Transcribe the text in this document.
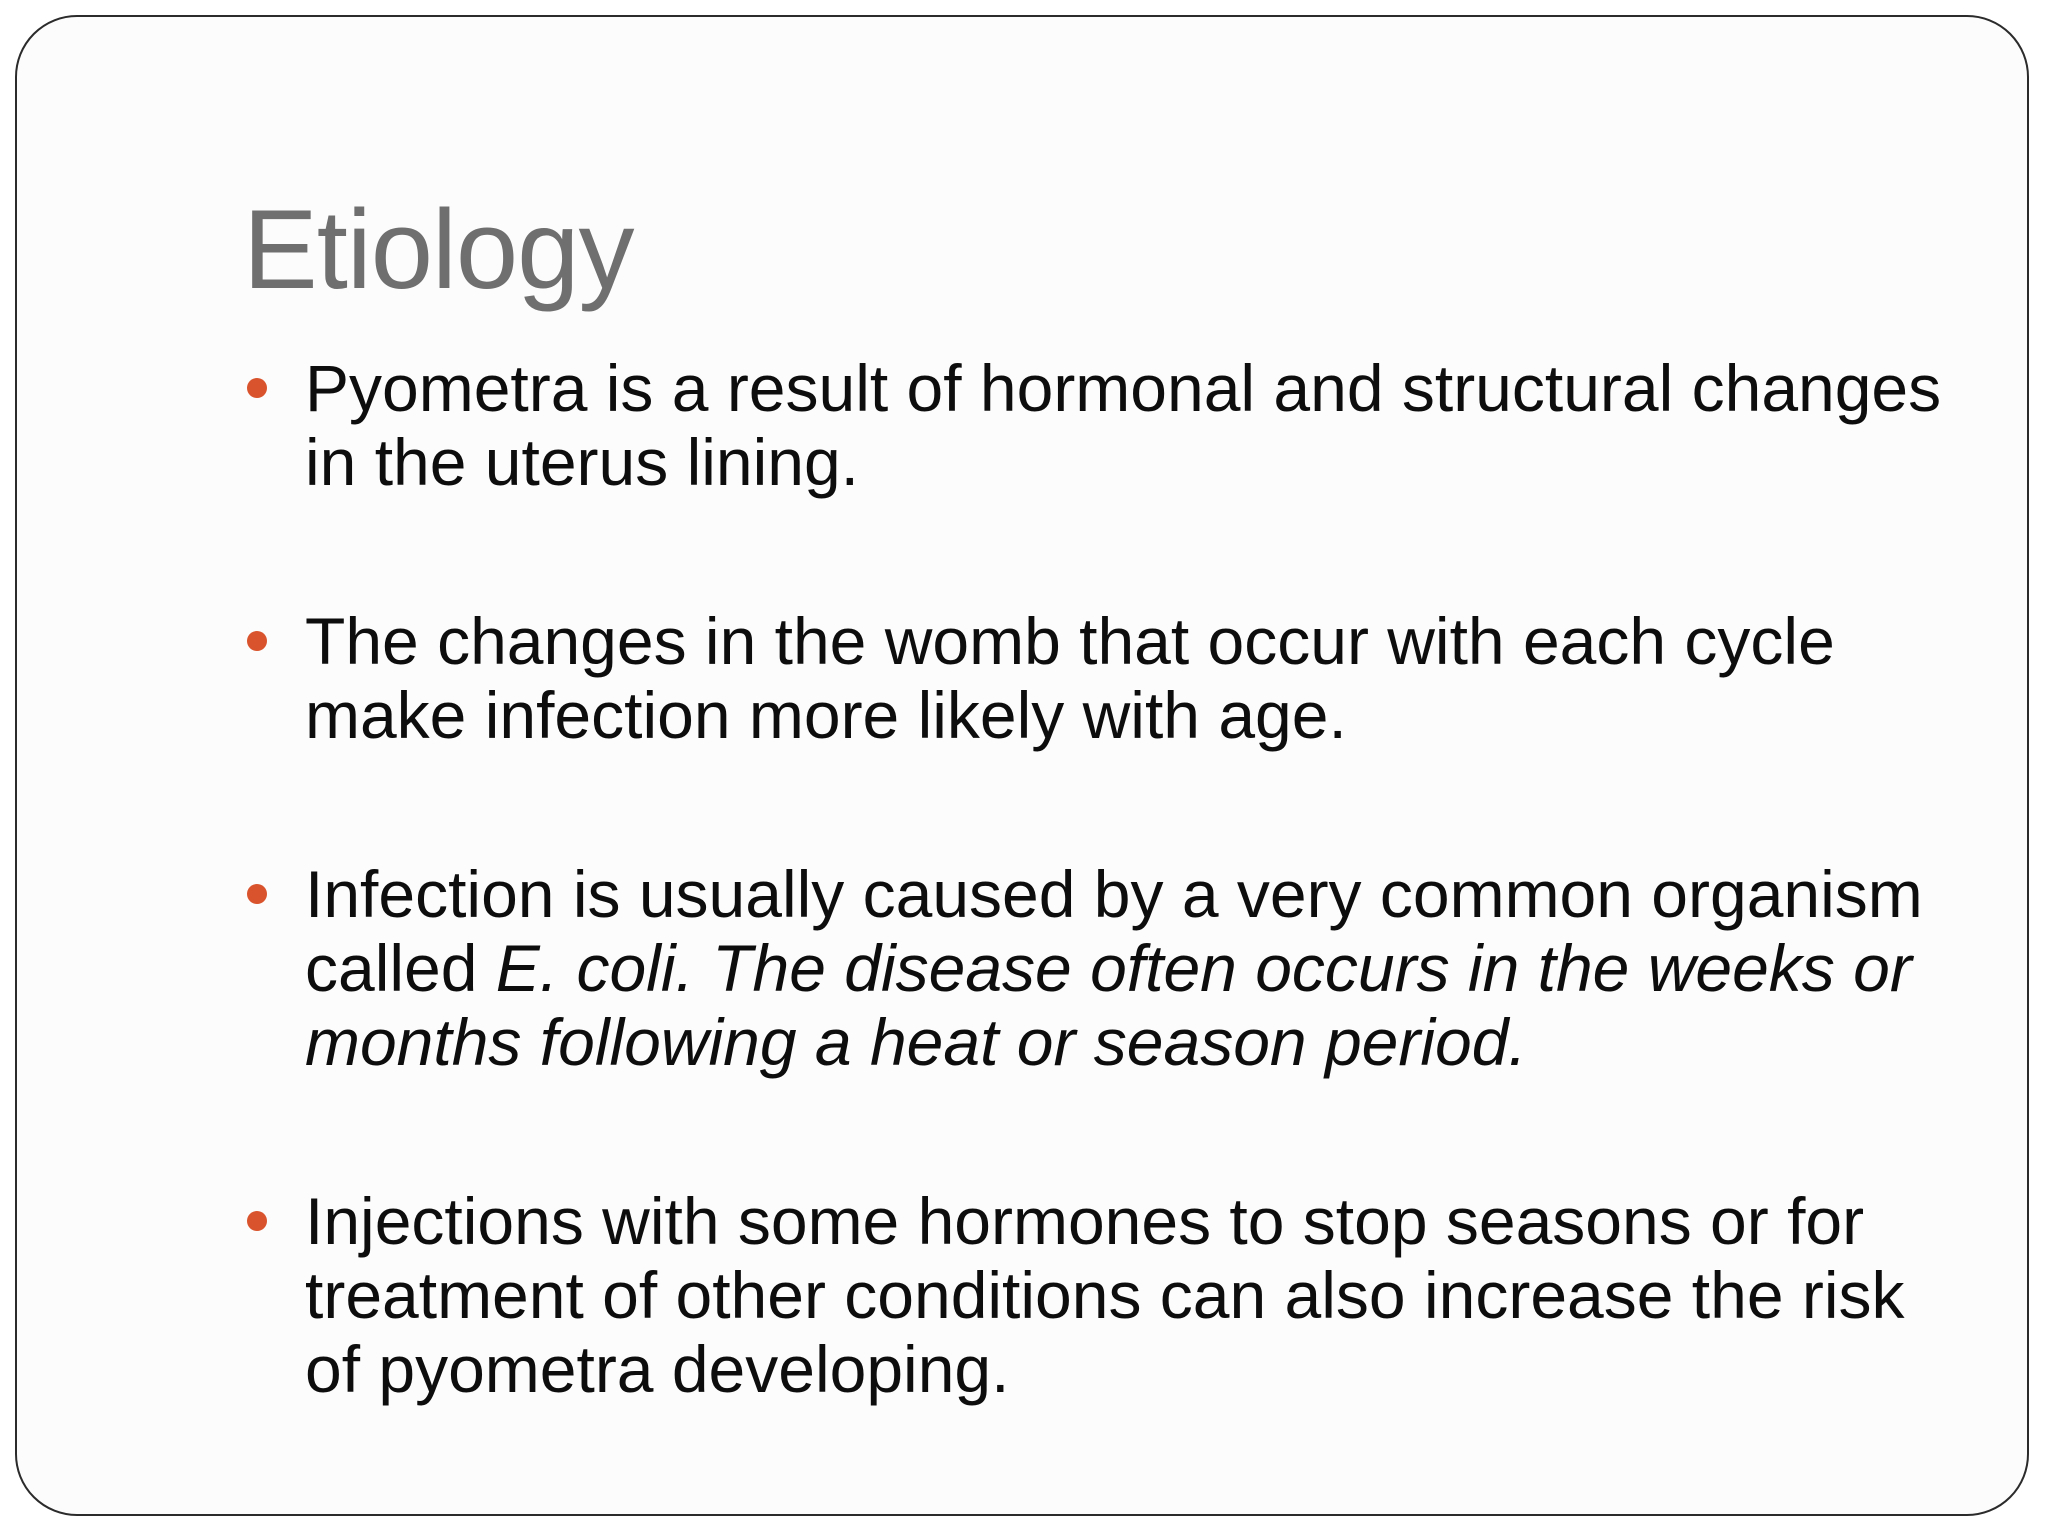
Etiology
Pyometra is a result of hormonal and structural changes in the uterus lining.
The changes in the womb that occur with each cycle make infection more likely with age.
Infection is usually caused by a very common organism called E. coli. The disease often occurs in the weeks or months following a heat or season period.
Injections with some hormones to stop seasons or for treatment of other conditions can also increase the risk of pyometra developing.
